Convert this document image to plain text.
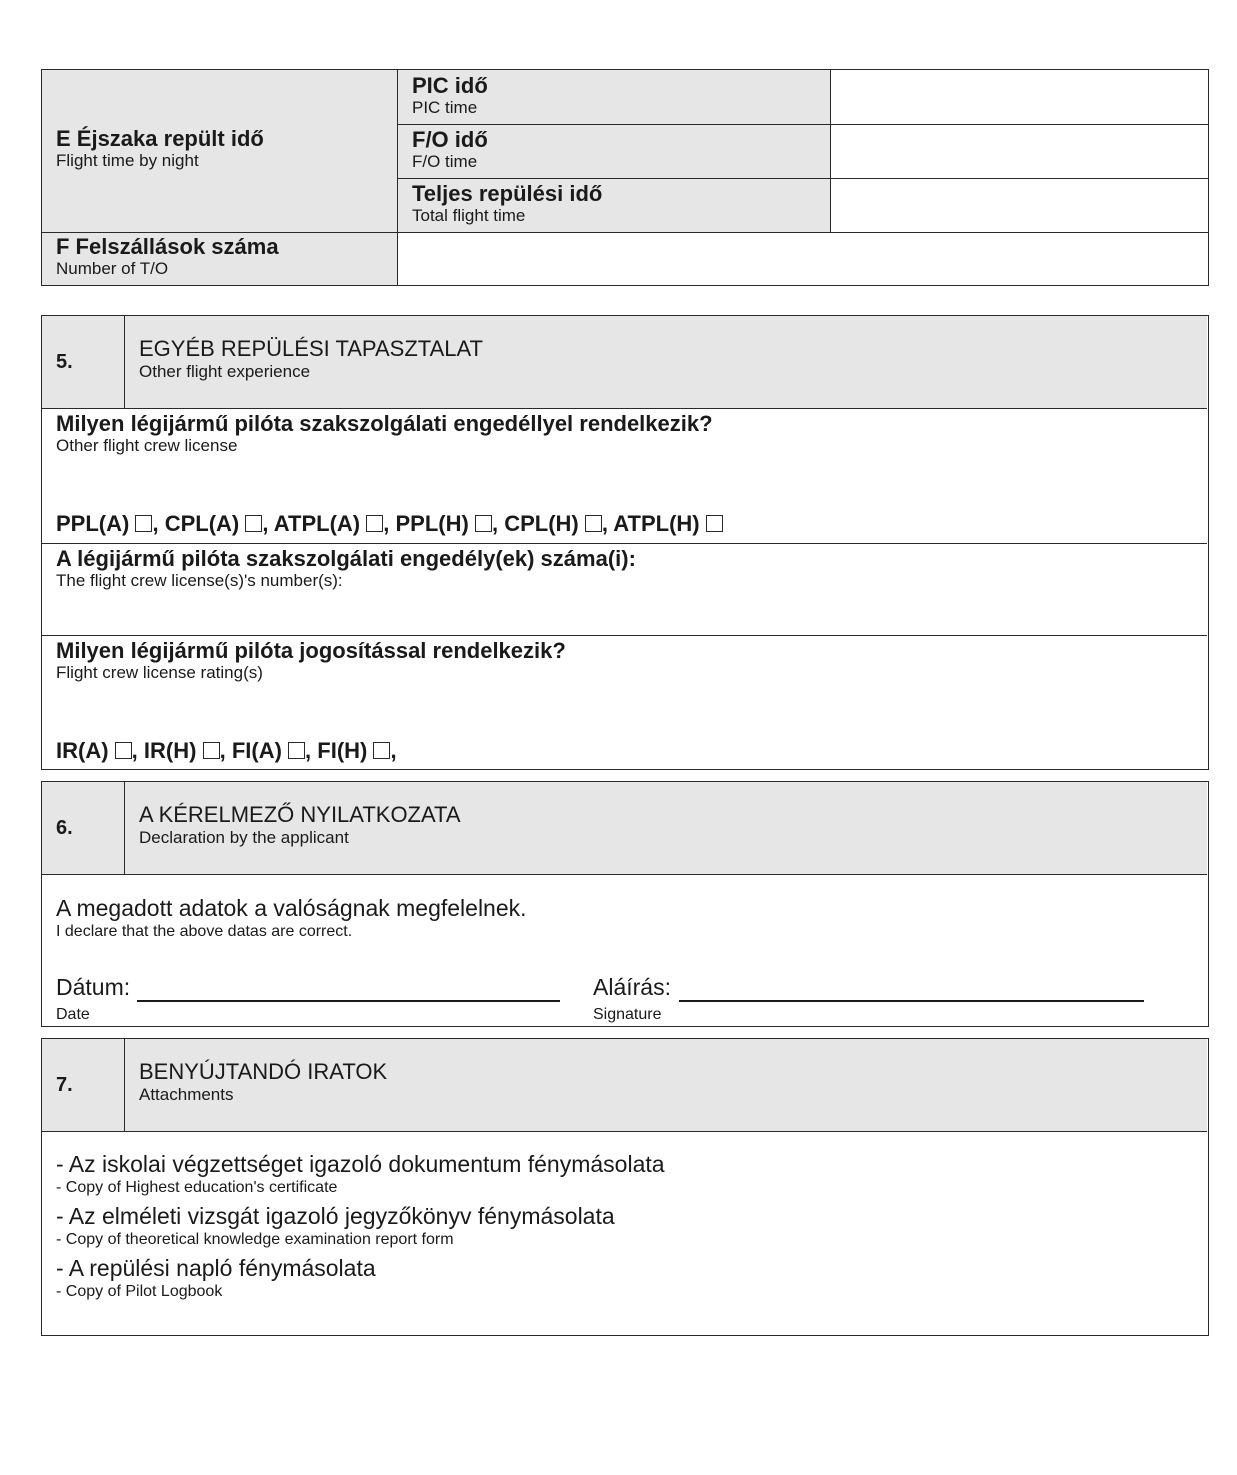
E Éjszaka repült idő
Flight time by night
PIC idő
PIC time
F/O idő
F/O time
Teljes repülési idő
Total flight time
F Felszállások száma
Number of T/O
5.
EGYÉB REPÜLÉSI TAPASZTALAT
Other flight experience
Milyen légijármű pilóta szakszolgálati engedéllyel rendelkezik?
Other flight crew license
PPL(A) , CPL(A) , ATPL(A) , PPL(H) , CPL(H) , ATPL(H)
A légijármű pilóta szakszolgálati engedély(ek) száma(i):
The flight crew license(s)'s number(s):
Milyen légijármű pilóta jogosítással rendelkezik?
Flight crew license rating(s)
IR(A) , IR(H) , FI(A) , FI(H) ,
6.
A KÉRELMEZŐ NYILATKOZATA
Declaration by the applicant
A megadott adatok a valóságnak megfelelnek.
I declare that the above datas are correct.
Dátum:
Date
Aláírás:
Signature
7.
BENYÚJTANDÓ IRATOK
Attachments
- Az iskolai végzettséget igazoló dokumentum fénymásolata
- Copy of Highest education's certificate
- Az elméleti vizsgát igazoló jegyzőkönyv fénymásolata
- Copy of theoretical knowledge examination report form
- A repülési napló fénymásolata
- Copy of Pilot Logbook
